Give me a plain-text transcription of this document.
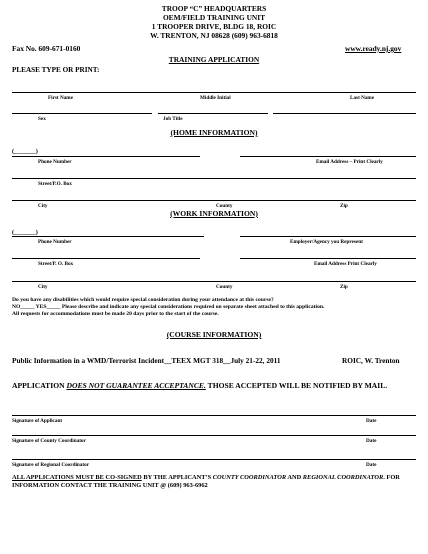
TROOP “C” HEADQUARTERS
OEM/FIELD TRAINING UNIT
1 TROOPER DRIVE, BLDG 18, ROIC
W. TRENTON, NJ 08628 (609) 963-6818
Fax No. 609-671-0160	www.ready.nj.gov
TRAINING APPLICATION
PLEASE TYPE OR PRINT:
First Name	Middle Initial	Last Name
Sex	Job Title
(HOME INFORMATION)
(_______)
Phone Number	Email Address – Print Clearly
Street/P.O. Box
City	County	Zip
(WORK INFORMATION)
(_______)
Phone Number	Employer/Agency you Represent
Street/P. O. Box	Email Address Print Clearly
City	County	Zip
Do you have any disabilities which would require special consideration during your attendance at this course?
NO_____ YES_____ Please describe and indicate any special considerations required on separate sheet attached to this application.
All requests for accommodations must be made 20 days prior to the start of the course.
(COURSE INFORMATION)
Public Information in a WMD/Terrorist Incident__TEEX MGT 318__July 21-22, 2011	ROIC, W. Trenton
APPLICATION DOES NOT GUARANTEE ACCEPTANCE. THOSE ACCEPTED WILL BE NOTIFIED BY MAIL.
Signature of Applicant	Date
Signature of County Coordinator	Date
Signature of Regional Coordinator	Date
ALL APPLICATIONS MUST BE CO-SIGNED BY THE APPLICANT’S COUNTY COORDINATOR AND REGIONAL COORDINATOR. FOR INFORMATION CONTACT THE TRAINING UNIT @ (609) 963-6962
